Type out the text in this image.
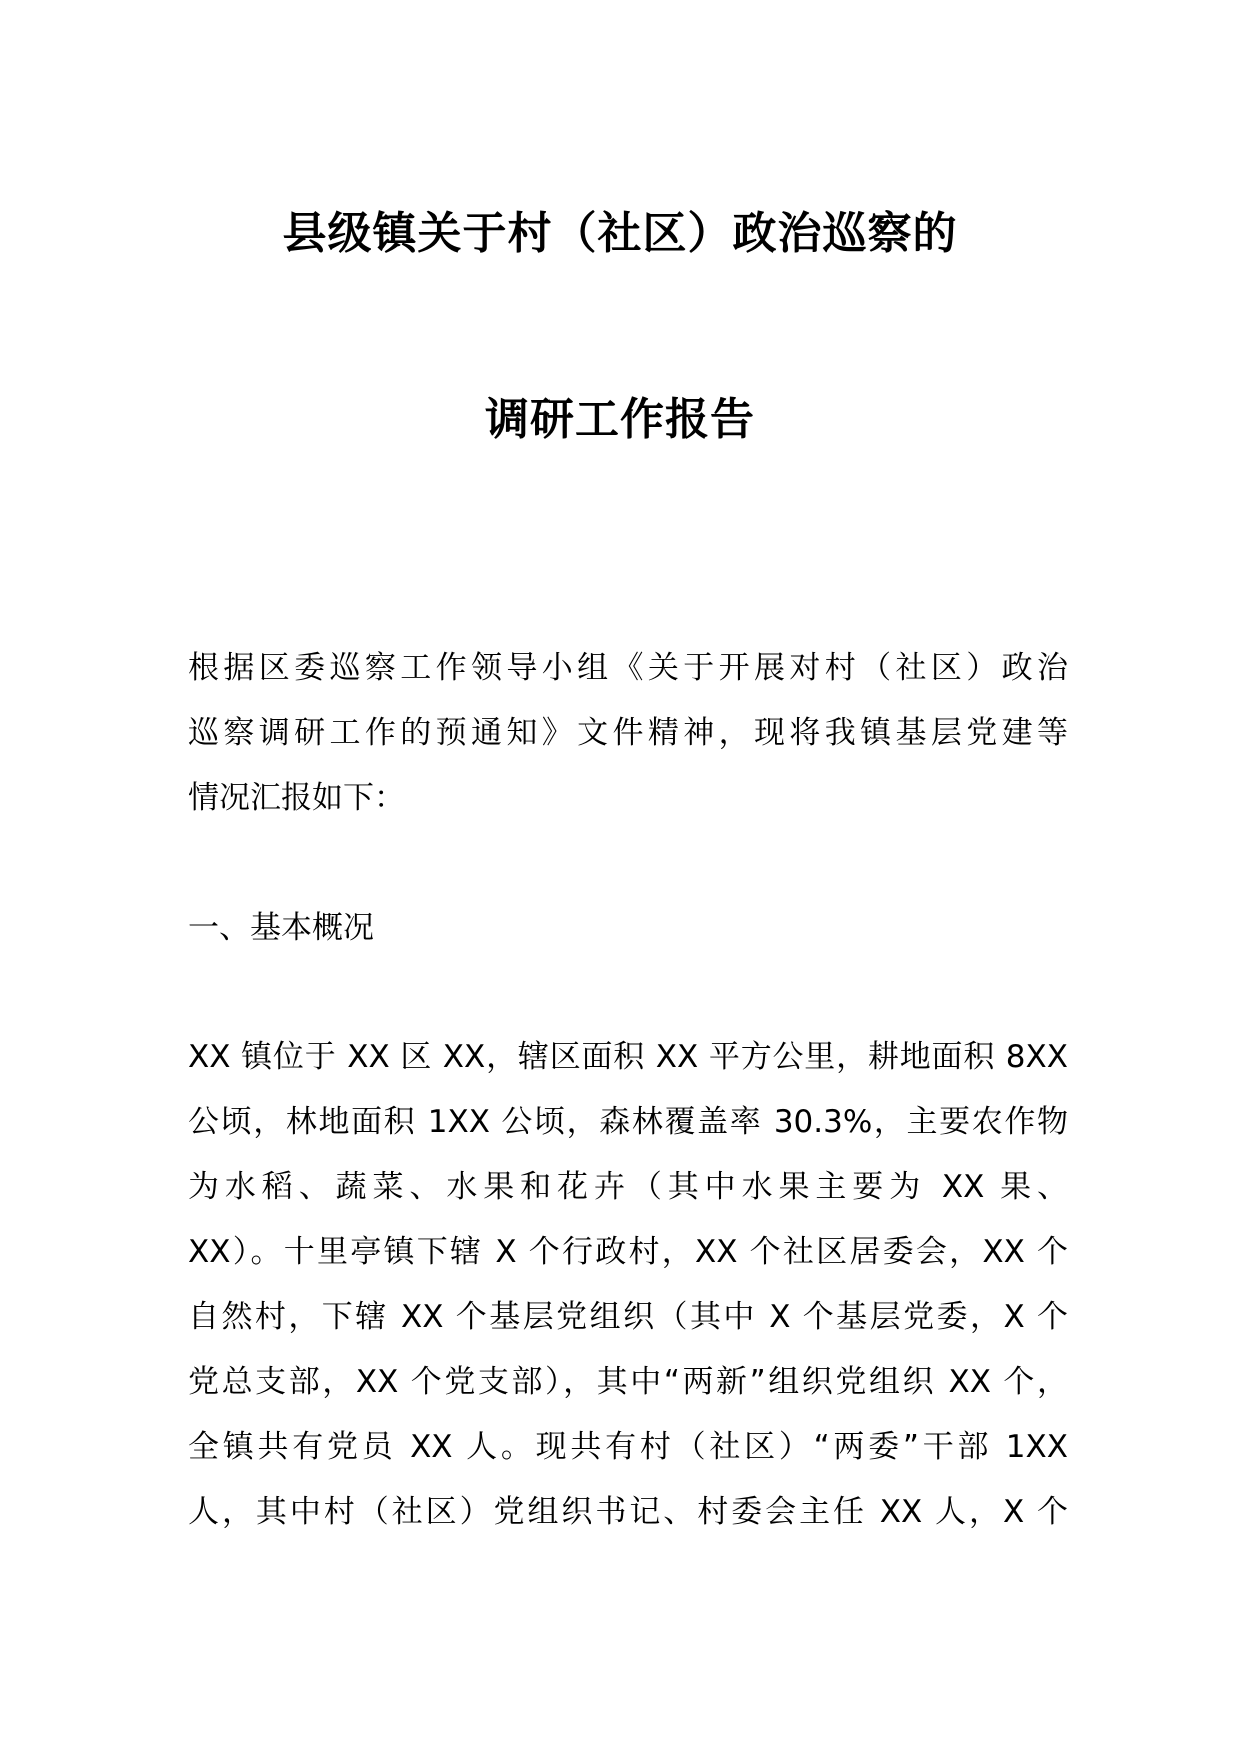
县级镇关于村（社区）政治巡察的
调研工作报告
根据区委巡察工作领导小组《关于开展对村（社区）政治
巡察调研工作的预通知》文件精神，现将我镇基层党建等
情况汇报如下：
一、基本概况
XX 镇位于 XX 区 XX，辖区面积 XX 平方公里，耕地面积 8XX
公顷，林地面积 1XX 公顷，森林覆盖率 30.3%，主要农作物
为水稻、蔬菜、水果和花卉（其中水果主要为 XX 果、
XX）。十里亭镇下辖 X 个行政村，XX 个社区居委会，XX 个
自然村，下辖 XX 个基层党组织（其中 X 个基层党委，X 个
党总支部，XX 个党支部），其中“两新”组织党组织 XX 个，
全镇共有党员 XX 人。现共有村（社区）“两委”干部 1XX
人，其中村（社区）党组织书记、村委会主任 XX 人，X 个
